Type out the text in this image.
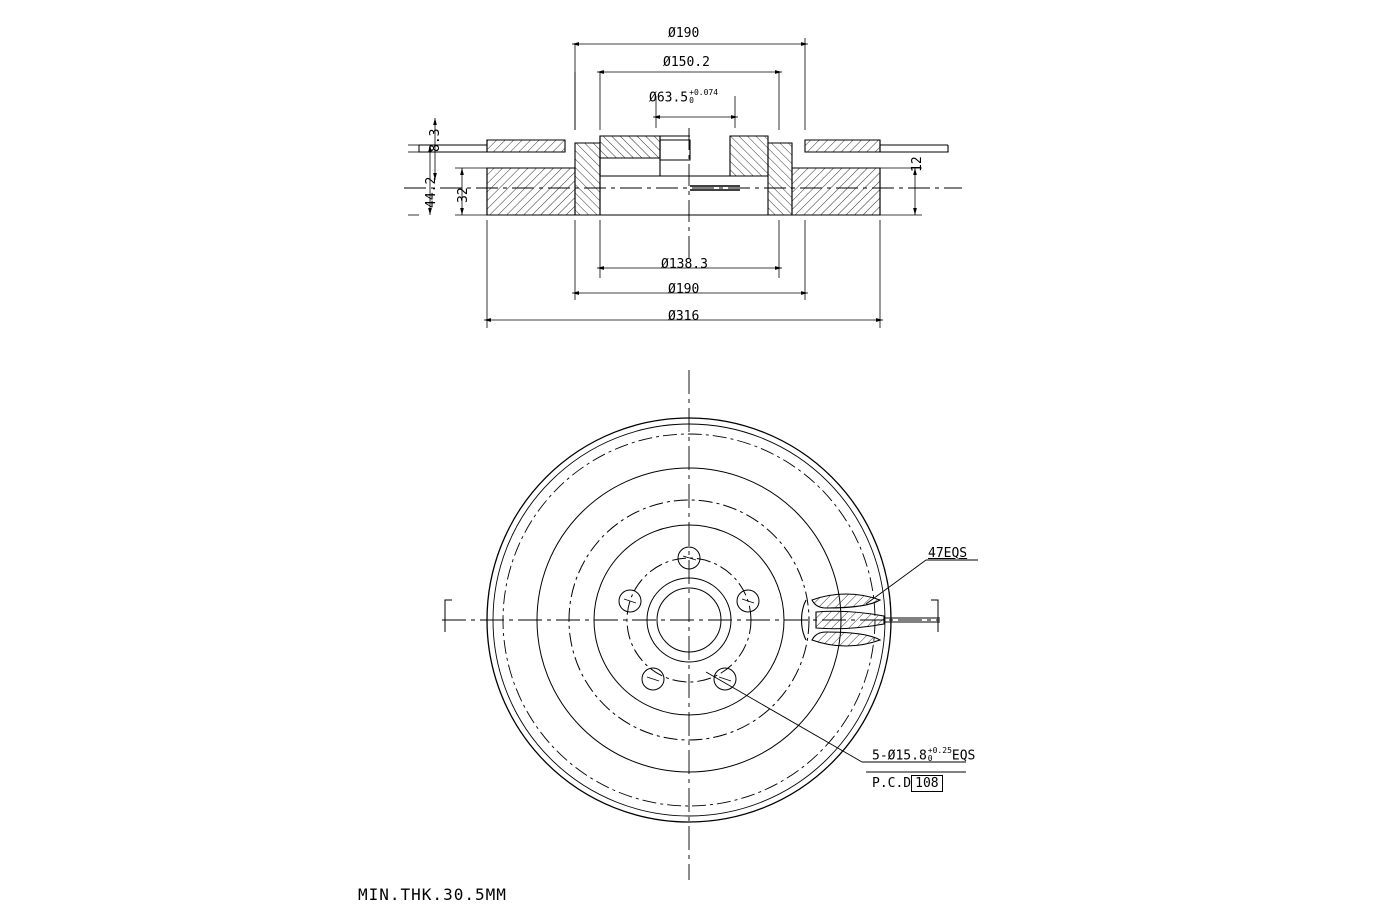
Ø190
Ø150.2
Ø63.5 +0.074
0
Ø138.3
Ø190
Ø316
8.3
44.2 32
12
47EQS
5-Ø15.8 +0.25
0	EQS
P.C.D 108
MIN.THK.30.5MM
